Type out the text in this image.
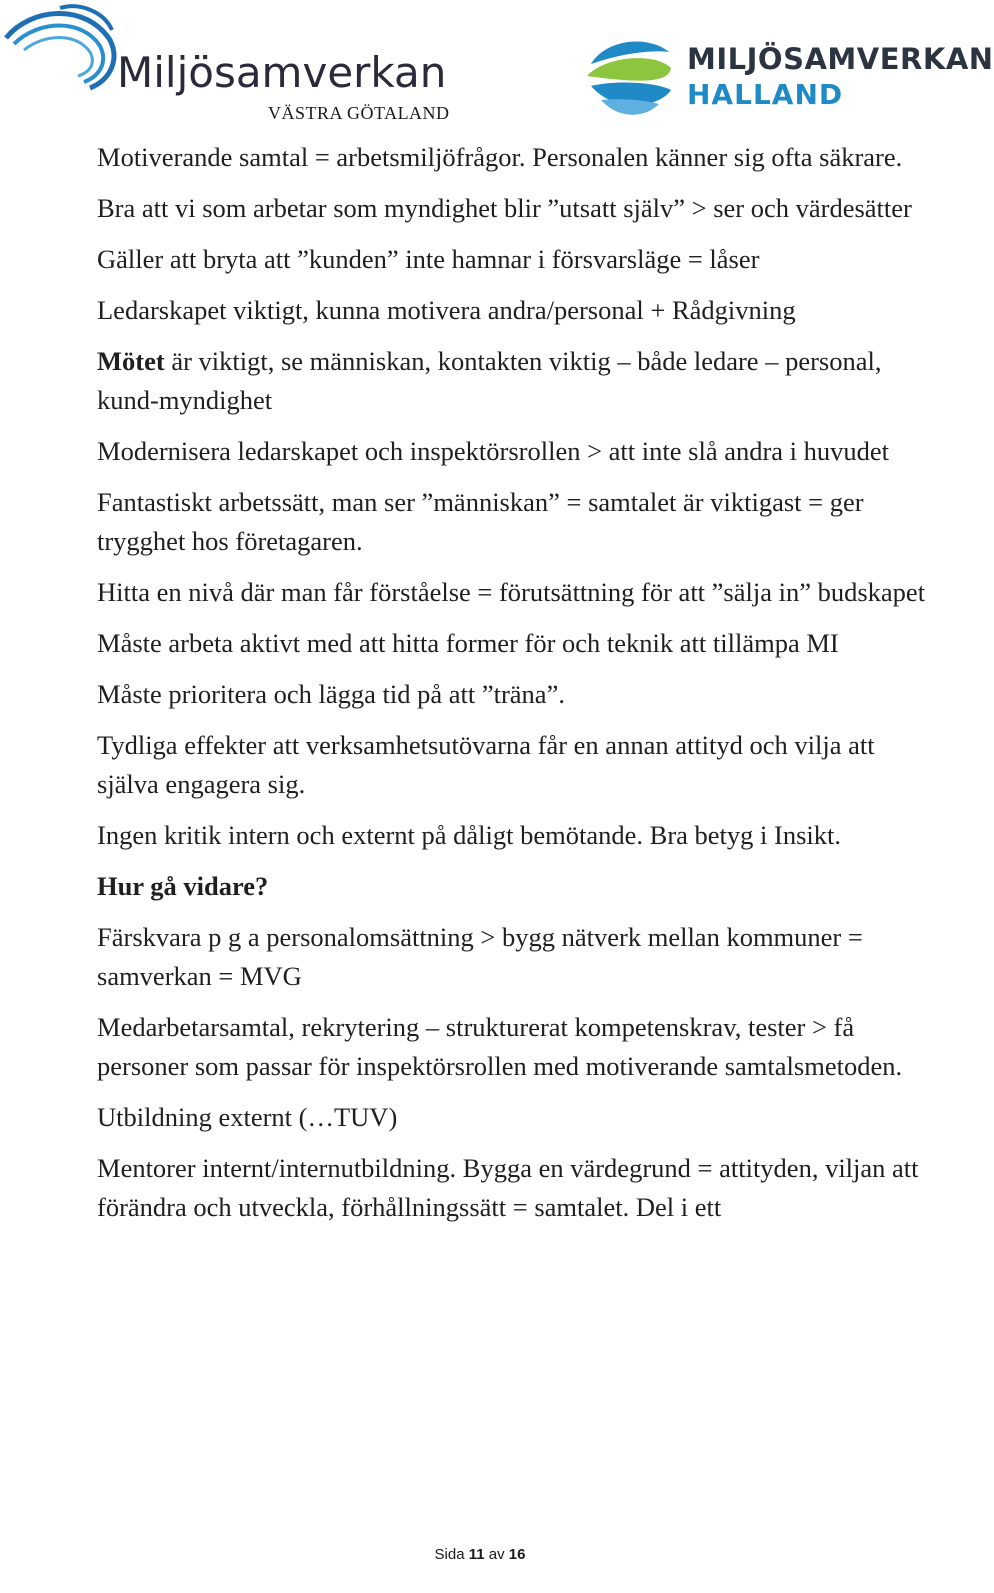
Miljösamverkan
VÄSTRA GÖTALAND
MILJÖSAMVERKAN
HALLAND

Motiverande samtal = arbetsmiljöfrågor. Personalen känner sig ofta säkrare.

Bra att vi som arbetar som myndighet blir ”utsatt själv” > ser och värdesätter

Gäller att bryta att ”kunden” inte hamnar i försvarsläge = låser

Ledarskapet viktigt, kunna motivera andra/personal + Rådgivning

Mötet är viktigt, se människan, kontakten viktig – både ledare – personal, kund-myndighet

Modernisera ledarskapet och inspektörsrollen > att inte slå andra i huvudet

Fantastiskt arbetssätt, man ser ”människan” = samtalet är viktigast = ger trygghet hos företagaren.

Hitta en nivå där man får förståelse = förutsättning för att ”sälja in” budskapet

Måste arbeta aktivt med att hitta former för och teknik att tillämpa MI

Måste prioritera och lägga tid på att ”träna”.

Tydliga effekter att verksamhetsutövarna får en annan attityd och vilja att själva engagera sig.

Ingen kritik intern och externt på dåligt bemötande. Bra betyg i Insikt.

Hur gå vidare?

Färskvara p g a personalomsättning > bygg nätverk mellan kommuner = samverkan = MVG

Medarbetarsamtal, rekrytering – strukturerat kompetenskrav, tester > få personer som passar för inspektörsrollen med motiverande samtalsmetoden.

Utbildning externt (…TUV)

Mentorer internt/internutbildning. Bygga en värdegrund = attityden, viljan att förändra och utveckla, förhållningssätt = samtalet. Del i ett

Sida 11 av 16
